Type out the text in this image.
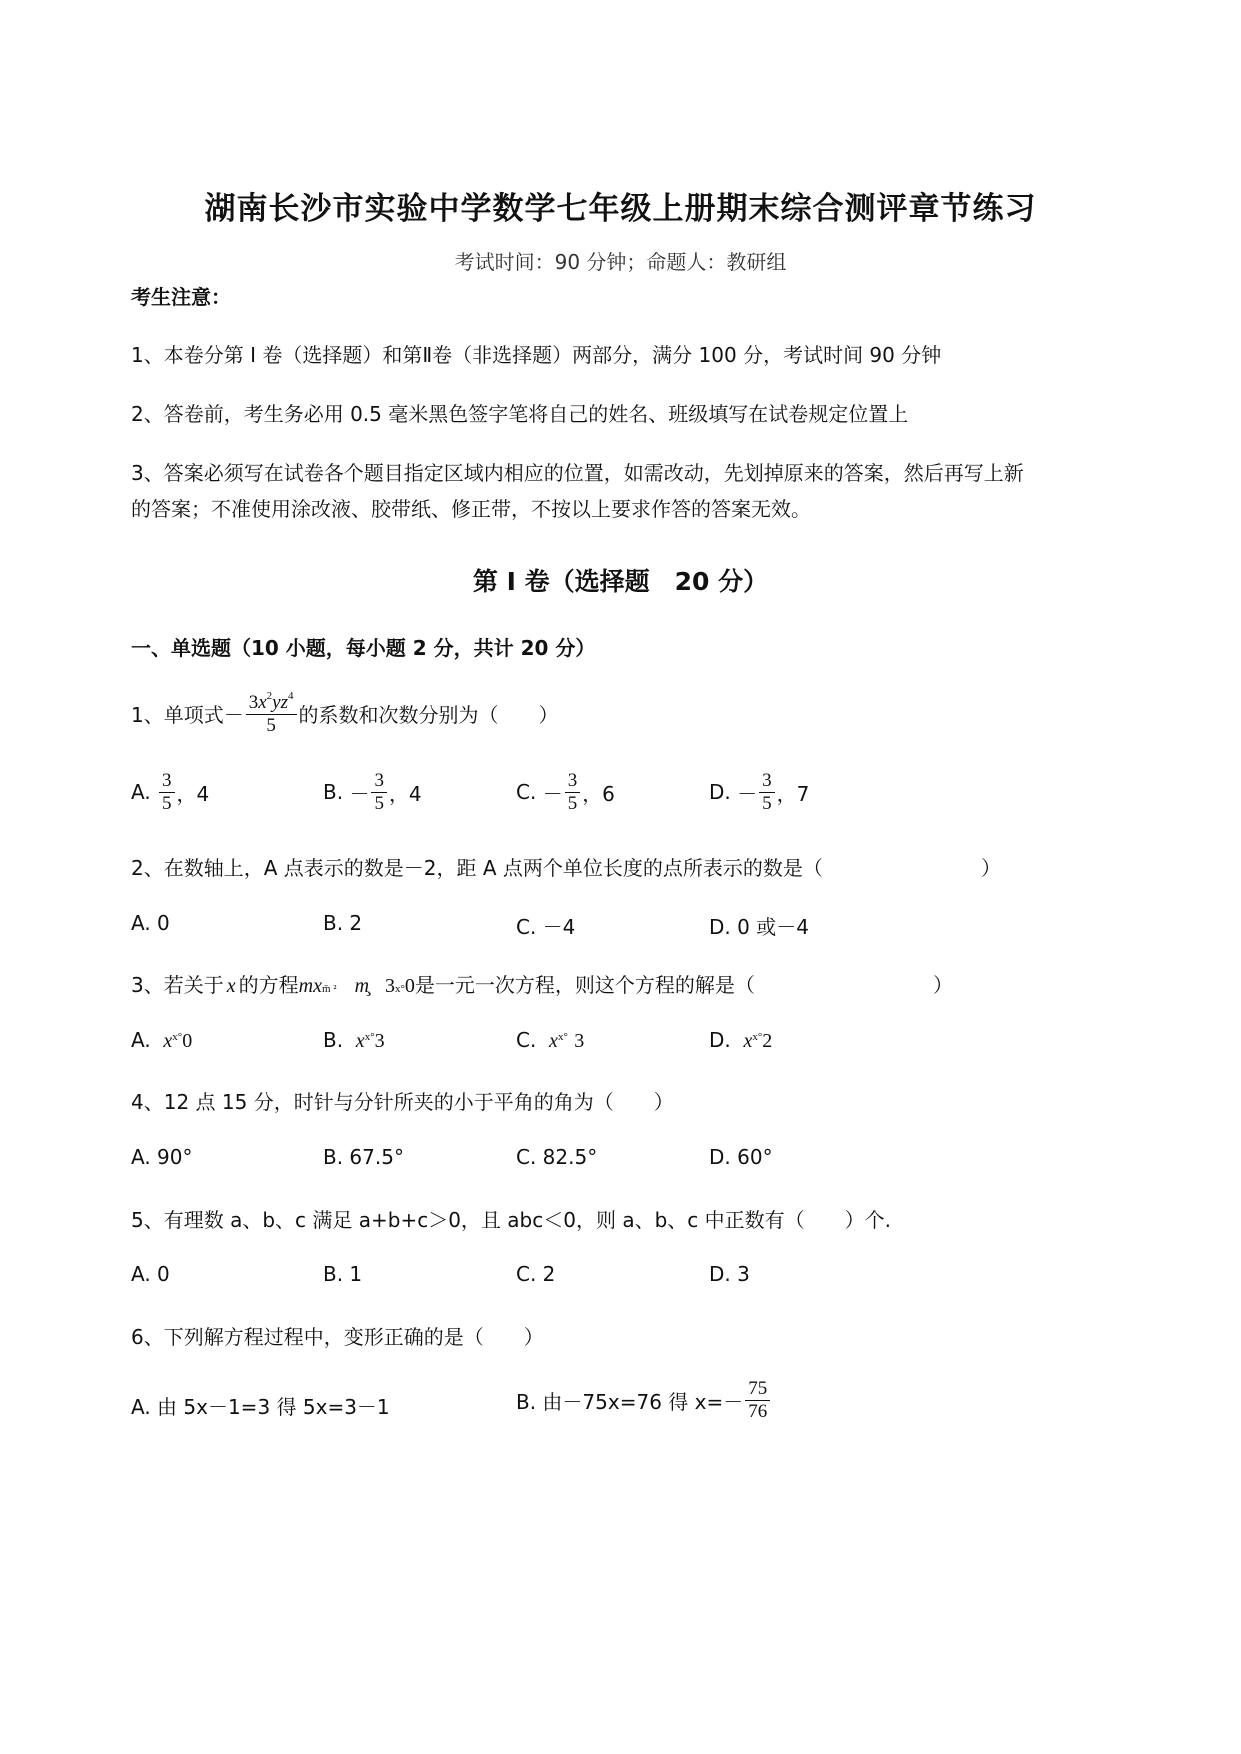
湖南长沙市实验中学数学七年级上册期末综合测评章节练习
考试时间：90 分钟；命题人：教研组
考生注意：
1、本卷分第 I 卷（选择题）和第Ⅱ卷（非选择题）两部分，满分 100 分，考试时间 90 分钟
2、答卷前，考生务必用 0.5 毫米黑色签字笔将自己的姓名、班级填写在试卷规定位置上
3、答案必须写在试卷各个题目指定区域内相应的位置，如需改动，先划掉原来的答案，然后再写上新
的答案；不准使用涂改液、胶带纸、修正带，不按以上要求作答的答案无效。
第 I 卷（选择题　20 分）
一、单选题（10 小题，每小题 2 分，共计 20 分）
1、单项式－ $\frac{3x^2yz^4}{5}$ 的系数和次数分别为（　　）
A.
$\frac{3}{5}$ ，4	B.
－ $\frac{3}{5}$ ，4	C.
－ $\frac{3}{5}$ ，6	D.
－ $\frac{3}{5}$ ，7
2、在数轴上，A 点表示的数是－2，距 A 点两个单位长度的点所表示的数是（	）
A. 0	B. 2	C. －4	D. 0 或－4
3、若关于 x 的方程 mx m̄ ² m̧ 3 x° 0 是一元一次方程，则这个方程的解是（	）
A. $x^{x^\circ}0$	B. $x^{x^\circ}3$	C. $x^{x^\circ}$ 3	D. $x^{x^\circ}2$
4、12 点 15 分，时针与分针所夹的小于平角的角为（　　）
A. 90°	B. 67.5°	C. 82.5°	D. 60°
5、有理数 a、b、c 满足 a+b+c＞0，且 abc＜0，则 a、b、c 中正数有（　　）个.
A. 0	B. 1	C. 2	D. 3
6、下列解方程过程中，变形正确的是（　　）
A. 由 5x－1=3 得 5x=3－1	B. 由－75x=76 得 $x=- \frac{75}{76}$
